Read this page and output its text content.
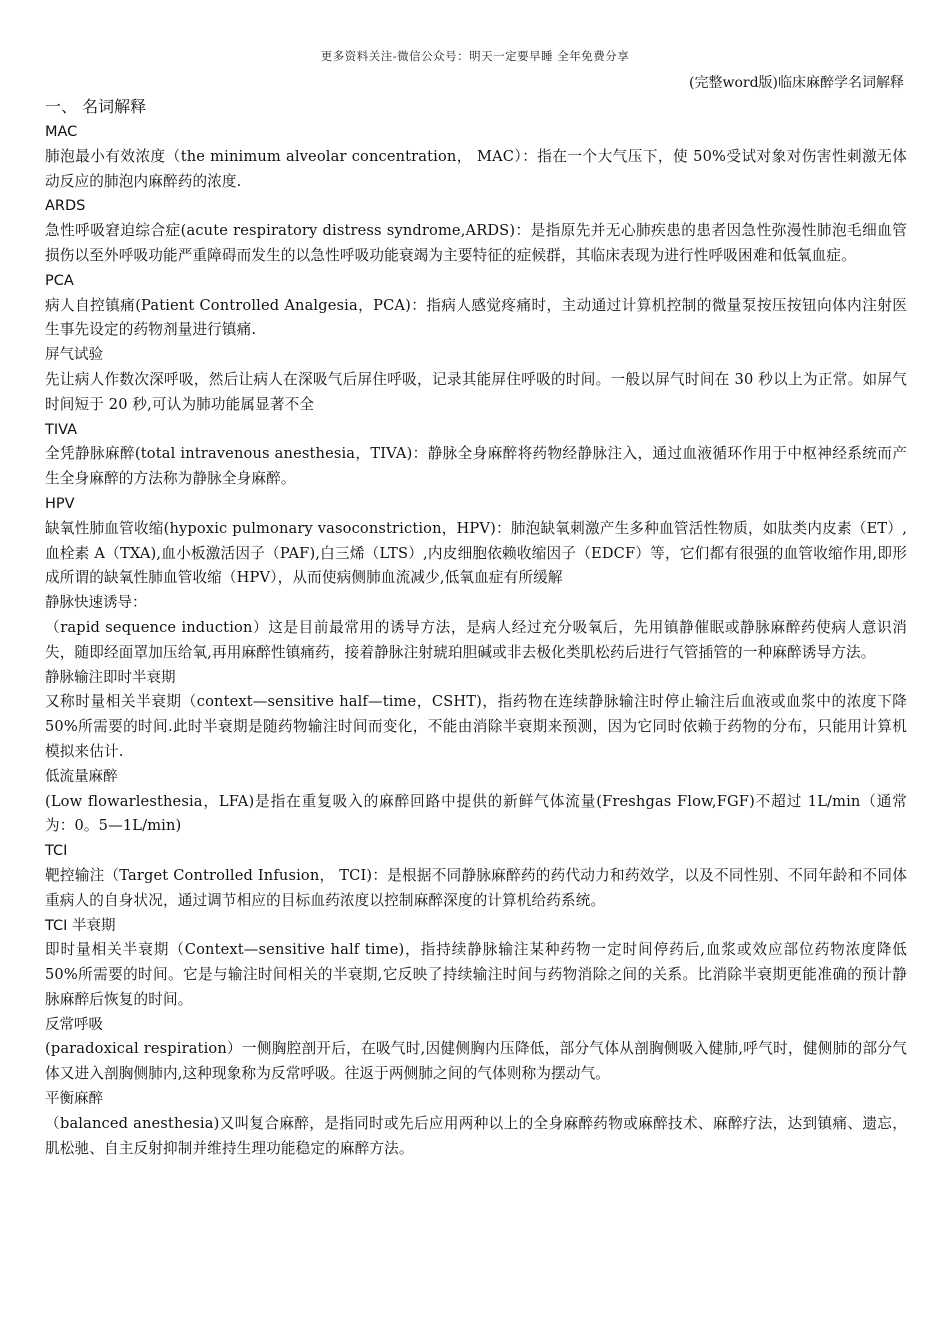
更多资料关注-微信公众号：明天一定要早睡 全年免费分享
(完整word版)临床麻醉学名词解释

一、 名词解释

MAC

肺泡最小有效浓度（the minimum alveolar concentration， MAC）：指在一个大气压下，使 50%受试对象对伤害性刺激无体动反应的肺泡内麻醉药的浓度.

ARDS

急性呼吸窘迫综合症(acute respiratory distress syndrome,ARDS)：是指原先并无心肺疾患的患者因急性弥漫性肺泡毛细血管损伤以至外呼吸功能严重障碍而发生的以急性呼吸功能衰竭为主要特征的症候群，其临床表现为进行性呼吸困难和低氧血症。

PCA

病人自控镇痛(Patient Controlled Analgesia，PCA)：指病人感觉疼痛时，主动通过计算机控制的微量泵按压按钮向体内注射医生事先设定的药物剂量进行镇痛.

屏气试验

先让病人作数次深呼吸，然后让病人在深吸气后屏住呼吸，记录其能屏住呼吸的时间。一般以屏气时间在 30 秒以上为正常。如屏气时间短于 20 秒,可认为肺功能属显著不全

TIVA

全凭静脉麻醉(total intravenous anesthesia，TIVA)：静脉全身麻醉将药物经静脉注入，通过血液循环作用于中枢神经系统而产生全身麻醉的方法称为静脉全身麻醉。

HPV

缺氧性肺血管收缩(hypoxic pulmonary vasoconstriction，HPV)：肺泡缺氧刺激产生多种血管活性物质，如肽类内皮素（ET）,血栓素 A（TXA),血小板激活因子（PAF),白三烯（LTS）,内皮细胞依赖收缩因子（EDCF）等，它们都有很强的血管收缩作用,即形成所谓的缺氧性肺血管收缩（HPV），从而使病侧肺血流减少,低氧血症有所缓解

静脉快速诱导：

（rapid sequence induction）这是目前最常用的诱导方法，是病人经过充分吸氧后，先用镇静催眠或静脉麻醉药使病人意识消失，随即经面罩加压给氧,再用麻醉性镇痛药，接着静脉注射琥珀胆碱或非去极化类肌松药后进行气管插管的一种麻醉诱导方法。

静脉输注即时半衰期

又称时量相关半衰期（context—sensitive half—time，CSHT)，指药物在连续静脉输注时停止输注后血液或血浆中的浓度下降 50%所需要的时间.此时半衰期是随药物输注时间而变化，不能由消除半衰期来预测，因为它同时依赖于药物的分布，只能用计算机模拟来估计.

低流量麻醉

(Low flowarlesthesia，LFA)是指在重复吸入的麻醉回路中提供的新鲜气体流量(Freshgas Flow,FGF)不超过 1L/min（通常为：0。5—1L/min)

TCI

靶控输注（Target Controlled Infusion， TCI)：是根据不同静脉麻醉药的药代动力和药效学，以及不同性别、不同年龄和不同体重病人的自身状况，通过调节相应的目标血药浓度以控制麻醉深度的计算机给药系统。

TCI 半衰期

即时量相关半衰期（Context—sensitive half time)，指持续静脉输注某种药物一定时间停药后,血浆或效应部位药物浓度降低 50%所需要的时间。它是与输注时间相关的半衰期,它反映了持续输注时间与药物消除之间的关系。比消除半衰期更能准确的预计静脉麻醉后恢复的时间。

反常呼吸

(paradoxical respiration）一侧胸腔剖开后，在吸气时,因健侧胸内压降低，部分气体从剖胸侧吸入健肺,呼气时，健侧肺的部分气体又进入剖胸侧肺内,这种现象称为反常呼吸。往返于两侧肺之间的气体则称为摆动气。

平衡麻醉

（balanced anesthesia)又叫复合麻醉，是指同时或先后应用两种以上的全身麻醉药物或麻醉技术、麻醉疗法，达到镇痛、遗忘，肌松驰、自主反射抑制并维持生理功能稳定的麻醉方法。
